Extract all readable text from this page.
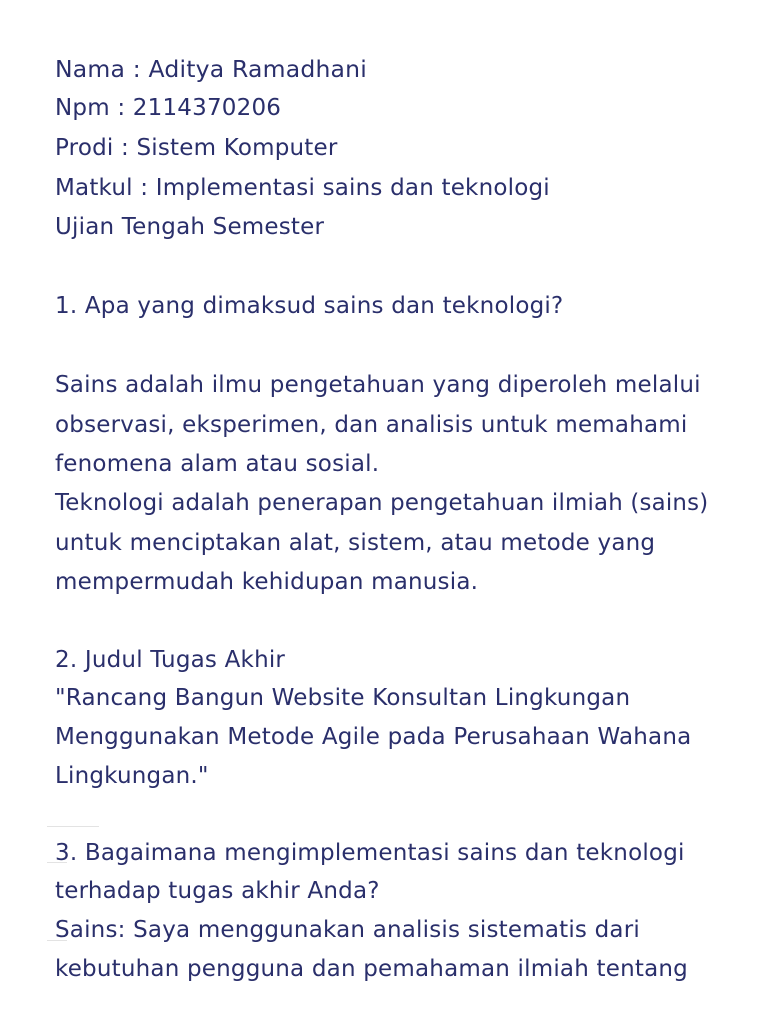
Nama : Aditya Ramadhani
Npm : 2114370206
Prodi : Sistem Komputer
Matkul : Implementasi sains dan teknologi
Ujian Tengah Semester
1. Apa yang dimaksud sains dan teknologi?
Sains adalah ilmu pengetahuan yang diperoleh melalui
observasi, eksperimen, dan analisis untuk memahami
fenomena alam atau sosial.
Teknologi adalah penerapan pengetahuan ilmiah (sains)
untuk menciptakan alat, sistem, atau metode yang
mempermudah kehidupan manusia.
2. Judul Tugas Akhir
"Rancang Bangun Website Konsultan Lingkungan
Menggunakan Metode Agile pada Perusahaan Wahana
Lingkungan."
3. Bagaimana mengimplementasi sains dan teknologi
terhadap tugas akhir Anda?
Sains: Saya menggunakan analisis sistematis dari
kebutuhan pengguna dan pemahaman ilmiah tentang
